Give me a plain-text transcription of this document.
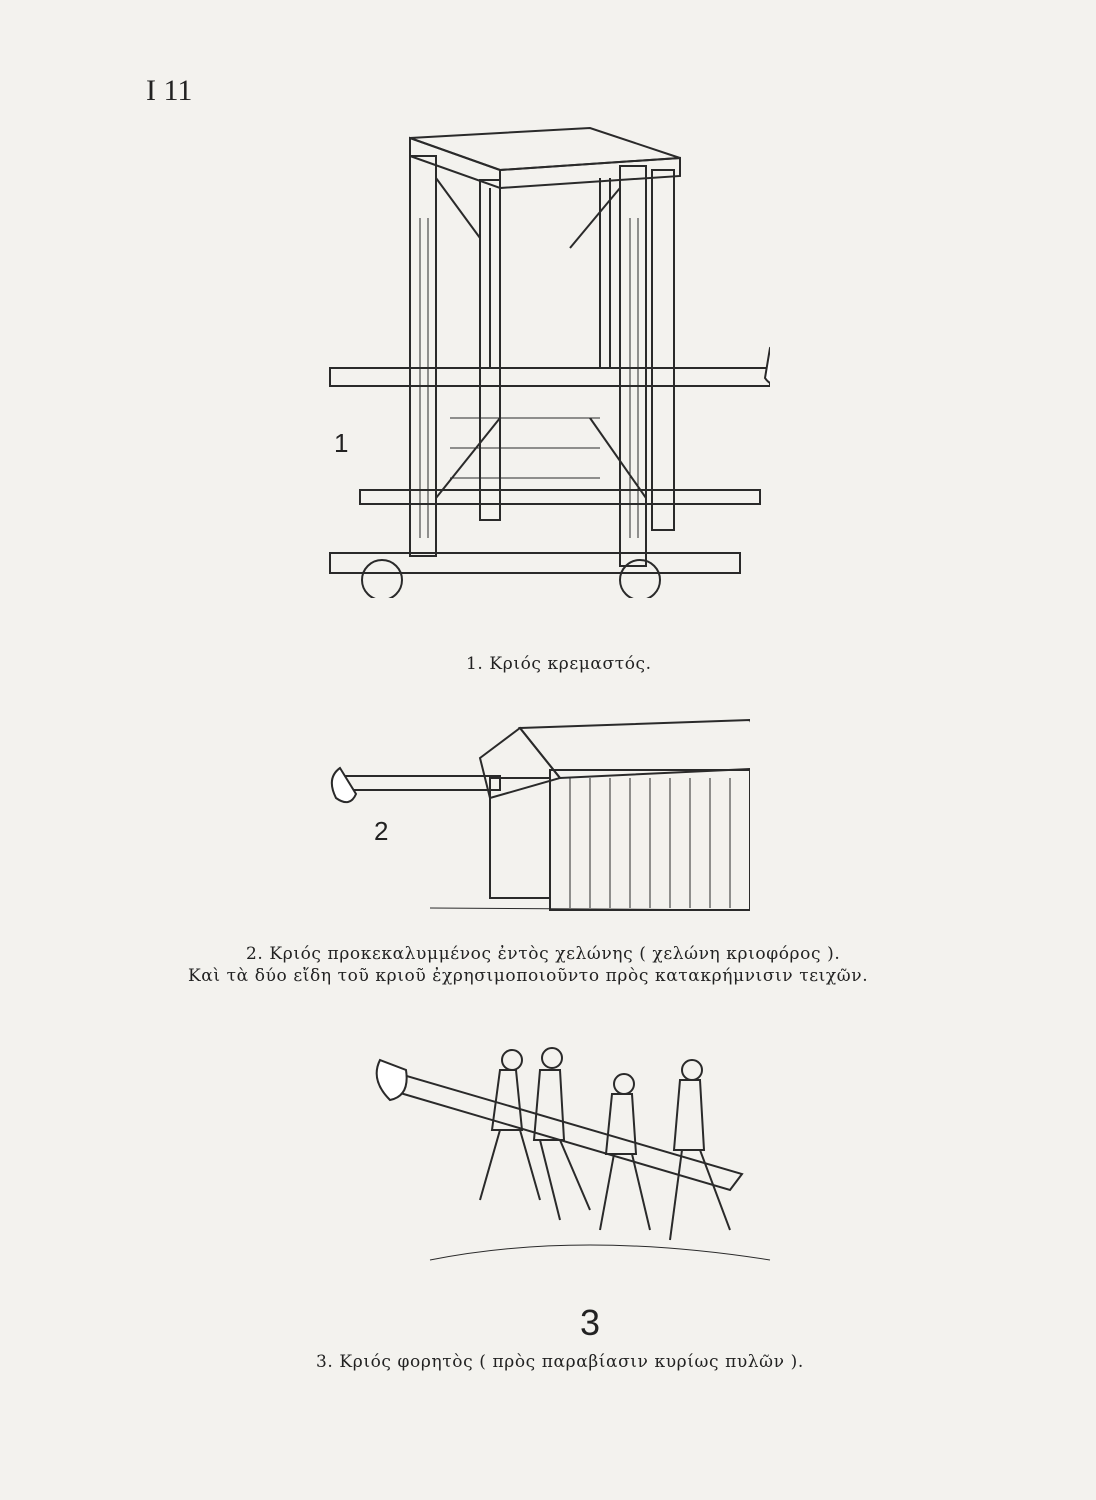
I 11
1
1. Κριός κρεμαστός.
2
2. Κριός προκεκαλυμμένος ἐντὸς χελώνης ( χελώνη κριοφόρος ).
Καὶ τὰ δύο εἴδη τοῦ κριοῦ ἐχρησιμοποιοῦντο πρὸς κατακρήμνισιν τειχῶν.
3
3. Κριός φορητὸς ( πρὸς παραβίασιν κυρίως πυλῶν ).
